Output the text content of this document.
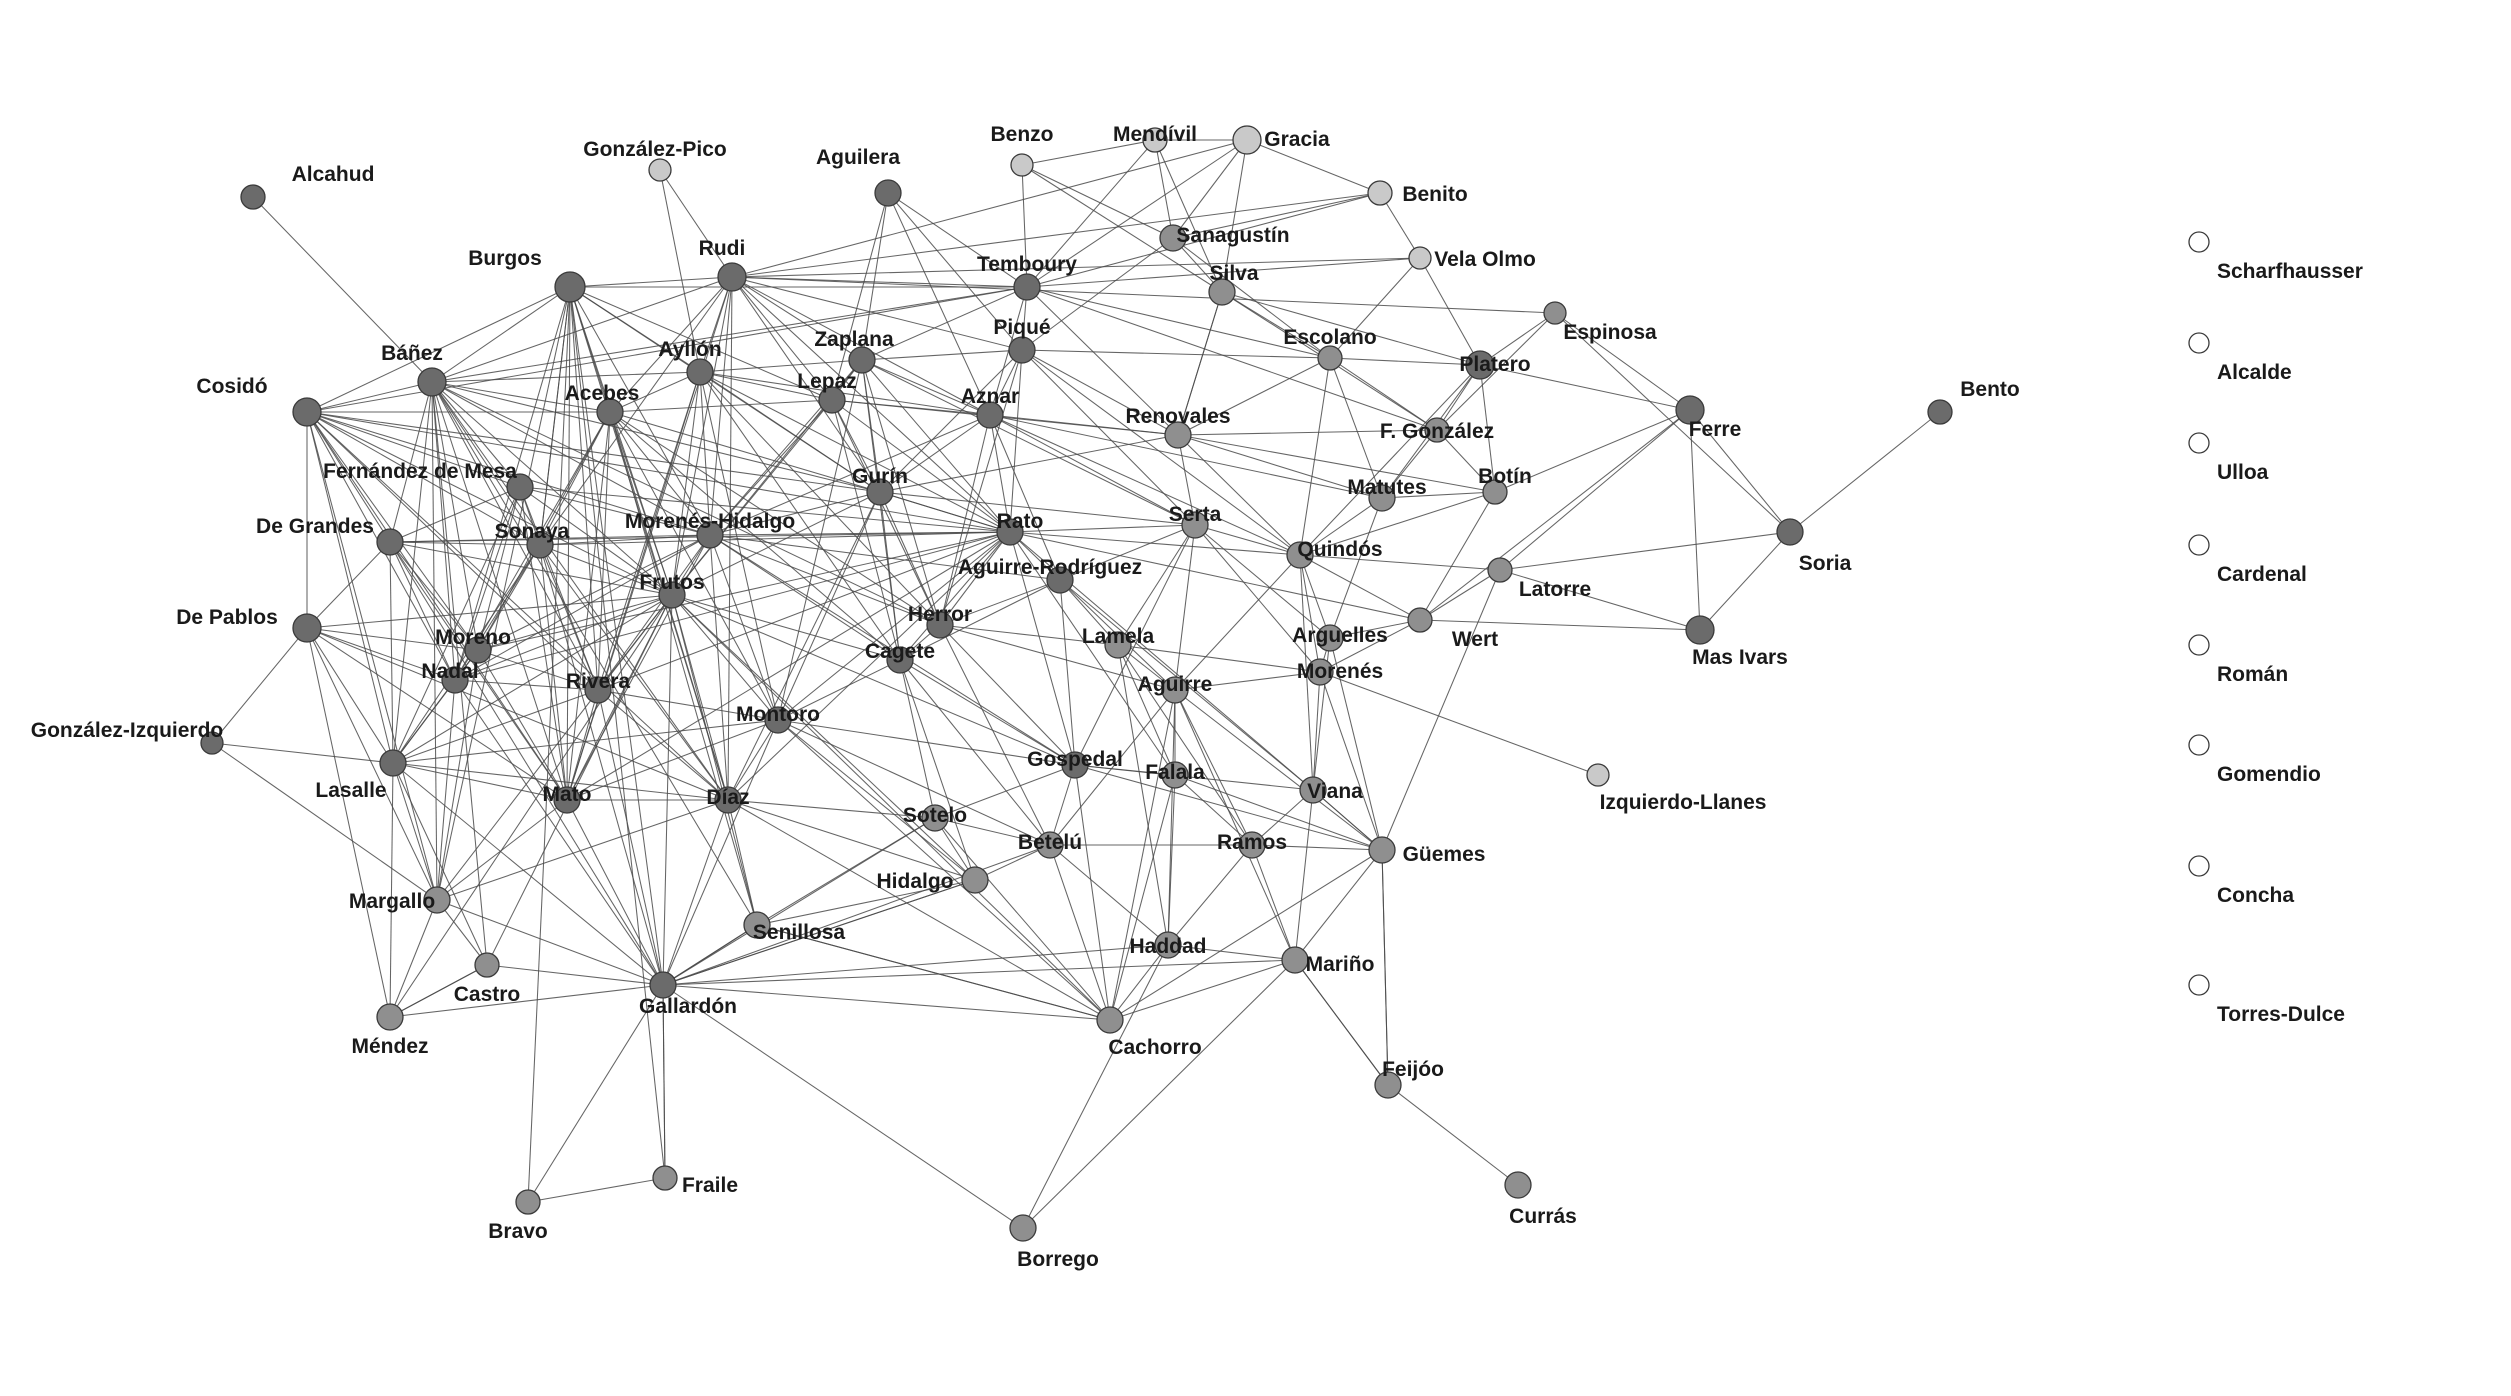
González-Pico
Alcahud
Benzo	Gracia
Mendívil
Aguilera
Benito
Sanagustín
Burgos	Rudi
Temboury	Vela Olmo
Silva
Espinosa
Báñez	Ayllón	Zaplana
Piqué	Escolano
Platero
Cosidó	Acebes
Lepaz
Aznar
Renovales
Ferre
F. González
Bento
Fernández de Mesa
Matutes Botín
Gurín
Sonaya
De Grandes	Morenés-Hidalgo	Rato	Serta
Quindós
Soria
Aguirre-Rodríguez
Latorre
De Pablos
Frutos
Mas Ivars
Wert
Moreno
Herror
Lamela	Arguelles
Nadal	Rivera
Cagete
Aguirre
Morenés
González-Izquierdo
Montoro
Lasalle
Izquierdo-Llanes
Gospedal
Viana
Mato	Díaz
Falala
Sotelo
Betelú	Ramos
Güemes
Hidalgo
Margallo
Senillosa
Haddad
Mariño
Castro
Méndez
Gallardón
Cachorro
Feijóo
Bravo
Fraile
Borrego
Currás
Scharfhausser
Alcalde
Ulloa
Cardenal
Román
Gomendio
Concha
Torres-Dulce
